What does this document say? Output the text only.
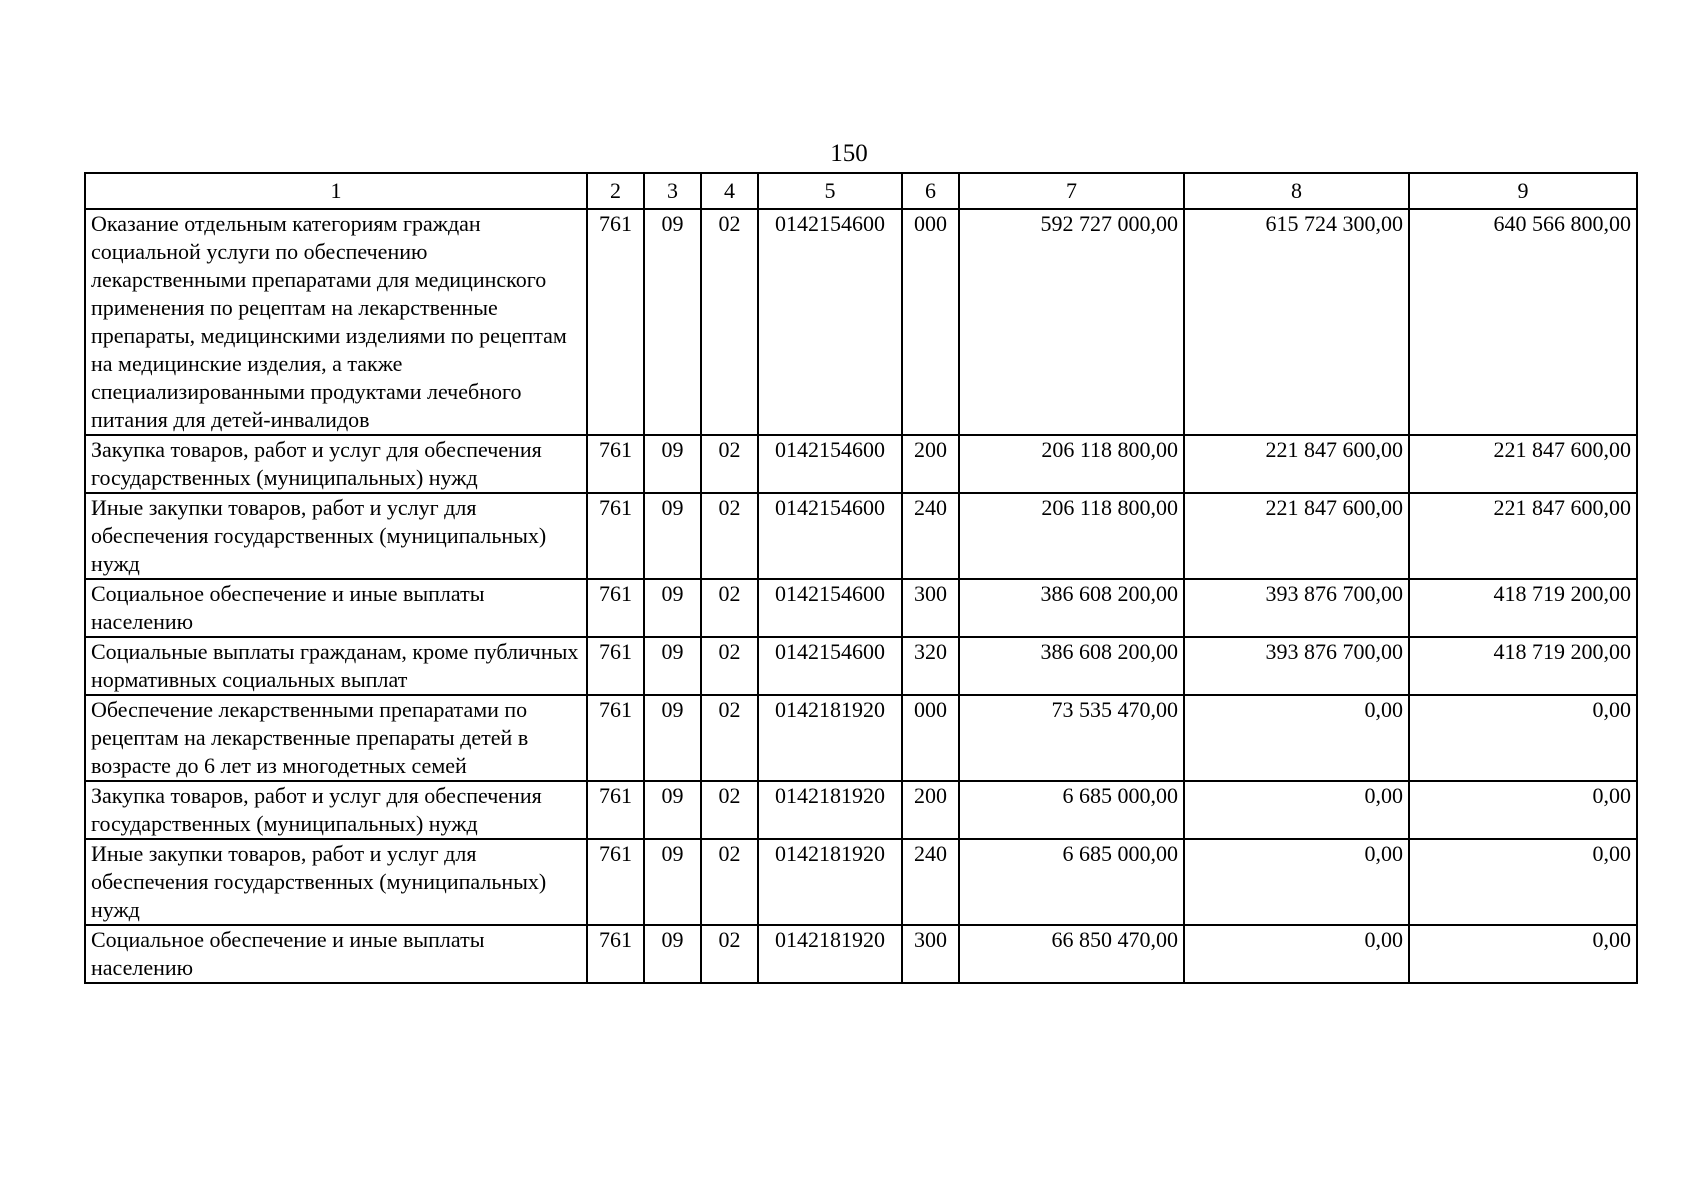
150
1	2	3	4	5	6	7	8	9
Оказание отдельным категориям граждан социальной услуги по обеспечению лекарственными препаратами для медицинского применения по рецептам на лекарственные препараты, медицинскими изделиями по рецептам на медицинские изделия, а также специализированными продуктами лечебного питания для детей-инвалидов	761	09	02	0142154600	000	592 727 000,00	615 724 300,00	640 566 800,00
Закупка товаров, работ и услуг для обеспечения государственных (муниципальных) нужд	761	09	02	0142154600	200	206 118 800,00	221 847 600,00	221 847 600,00
Иные закупки товаров, работ и услуг для обеспечения государственных (муниципальных) нужд	761	09	02	0142154600	240	206 118 800,00	221 847 600,00	221 847 600,00
Социальное обеспечение и иные выплаты населению	761	09	02	0142154600	300	386 608 200,00	393 876 700,00	418 719 200,00
Социальные выплаты гражданам, кроме публичных нормативных социальных выплат	761	09	02	0142154600	320	386 608 200,00	393 876 700,00	418 719 200,00
Обеспечение лекарственными препаратами по рецептам на лекарственные препараты детей в возрасте до 6 лет из многодетных семей	761	09	02	0142181920	000	73 535 470,00	0,00	0,00
Закупка товаров, работ и услуг для обеспечения государственных (муниципальных) нужд	761	09	02	0142181920	200	6 685 000,00	0,00	0,00
Иные закупки товаров, работ и услуг для обеспечения государственных (муниципальных) нужд	761	09	02	0142181920	240	6 685 000,00	0,00	0,00
Социальное обеспечение и иные выплаты населению	761	09	02	0142181920	300	66 850 470,00	0,00	0,00
